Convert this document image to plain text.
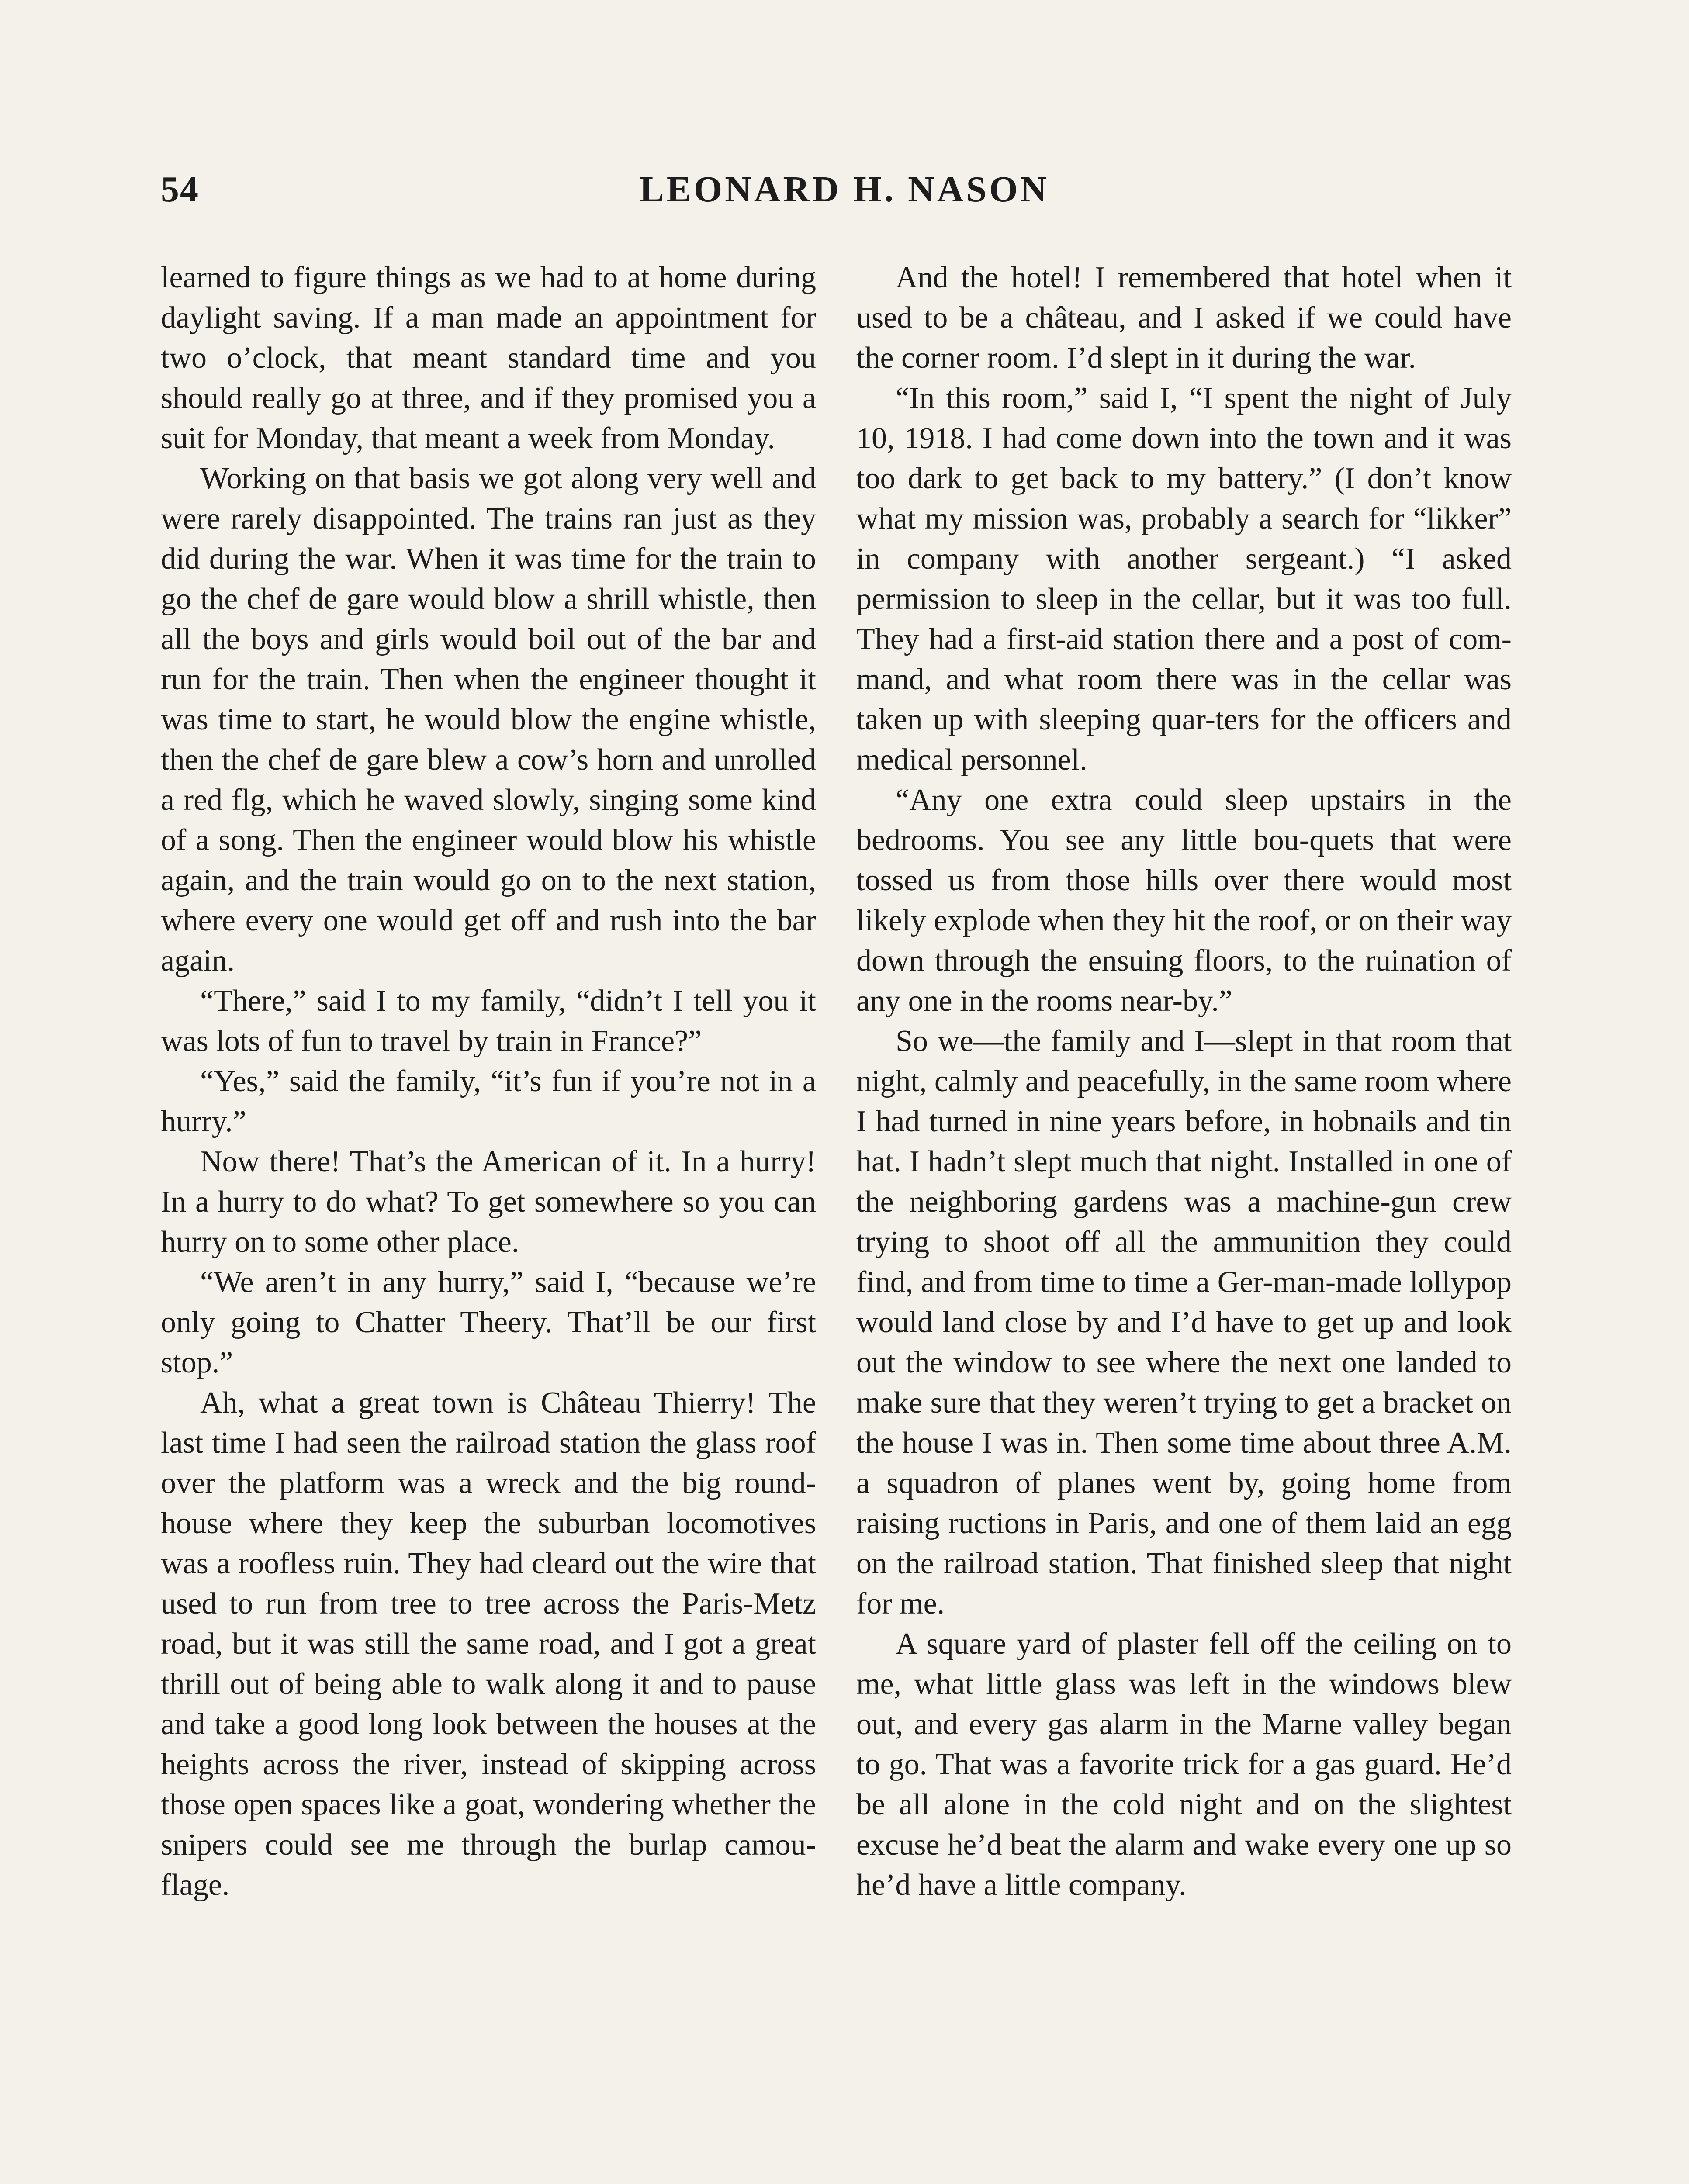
54	LEONARD H. NASON

learned to figure things as we had to at home during daylight saving. If a man made an appointment for two o’clock, that meant standard time and you should really go at three, and if they promised you a suit for Monday, that meant a week from Monday.

Working on that basis we got along very well and were rarely disappointed. The trains ran just as they did during the war. When it was time for the train to go the chef de gare would blow a shrill whistle, then all the boys and girls would boil out of the bar and run for the train. Then when the engineer thought it was time to start, he would blow the engine whistle, then the chef de gare blew a cow’s horn and unrolled a red flg, which he waved slowly, singing some kind of a song. Then the engineer would blow his whistle again, and the train would go on to the next station, where every one would get off and rush into the bar again.

“There,” said I to my family, “didn’t I tell you it was lots of fun to travel by train in France?”

“Yes,” said the family, “it’s fun if you’re not in a hurry.”

Now there! That’s the American of it. In a hurry! In a hurry to do what? To get somewhere so you can hurry on to some other place.

“We aren’t in any hurry,” said I, “because we’re only going to Chatter Theery. That’ll be our first stop.”

Ah, what a great town is Château Thierry! The last time I had seen the railroad station the glass roof over the platform was a wreck and the big round-house where they keep the suburban locomotives was a roofless ruin. They had cleard out the wire that used to run from tree to tree across the Paris-Metz road, but it was still the same road, and I got a great thrill out of being able to walk along it and to pause and take a good long look between the houses at the heights across the river, instead of skipping across those open spaces like a goat, wondering whether the snipers could see me through the burlap camou-flage.

And the hotel! I remembered that hotel when it used to be a château, and I asked if we could have the corner room. I’d slept in it during the war.

“In this room,” said I, “I spent the night of July 10, 1918. I had come down into the town and it was too dark to get back to my battery.” (I don’t know what my mission was, probably a search for “likker” in company with another sergeant.) “I asked permission to sleep in the cellar, but it was too full. They had a first-aid station there and a post of com-mand, and what room there was in the cellar was taken up with sleeping quar-ters for the officers and medical personnel.

“Any one extra could sleep upstairs in the bedrooms. You see any little bou-quets that were tossed us from those hills over there would most likely explode when they hit the roof, or on their way down through the ensuing floors, to the ruination of any one in the rooms near-by.”

So we—the family and I—slept in that room that night, calmly and peacefully, in the same room where I had turned in nine years before, in hobnails and tin hat. I hadn’t slept much that night. Installed in one of the neighboring gardens was a machine-gun crew trying to shoot off all the ammunition they could find, and from time to time a Ger-man-made lollypop would land close by and I’d have to get up and look out the window to see where the next one landed to make sure that they weren’t trying to get a bracket on the house I was in. Then some time about three A.M. a squadron of planes went by, going home from raising ructions in Paris, and one of them laid an egg on the railroad station. That finished sleep that night for me.

A square yard of plaster fell off the ceiling on to me, what little glass was left in the windows blew out, and every gas alarm in the Marne valley began to go. That was a favorite trick for a gas guard. He’d be all alone in the cold night and on the slightest excuse he’d beat the alarm and wake every one up so he’d have a little company.
